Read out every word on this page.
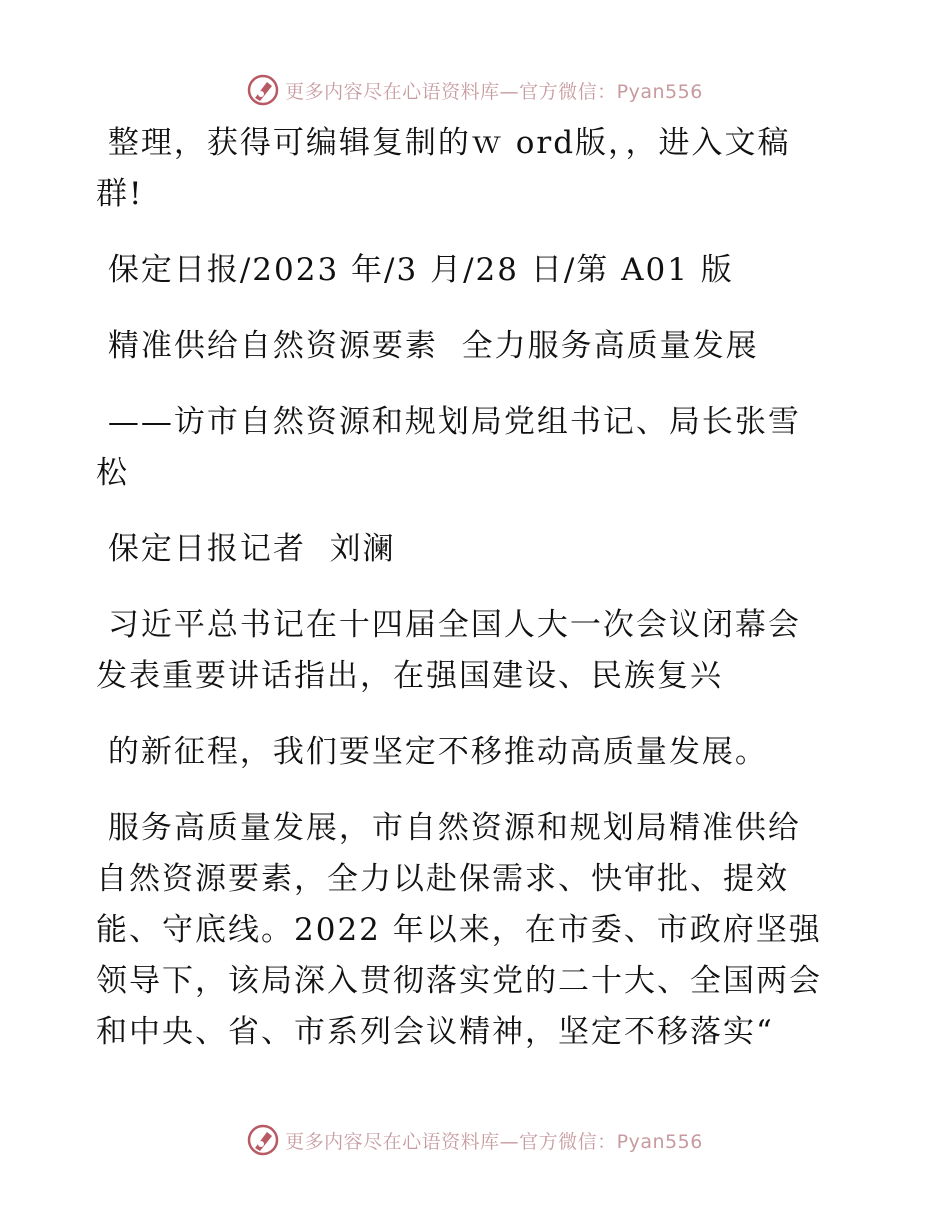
更多内容尽在心语资料库—官方微信：Pyan556

整理，获得可编辑复制的ｗ ord版，，进入文稿
群!

保定日报/2023 年/3 月/28 日/第 A01 版

精准供给自然资源要素  全力服务高质量发展

——访市自然资源和规划局党组书记、局长张雪
松

保定日报记者  刘澜

习近平总书记在十四届全国人大一次会议闭幕会
发表重要讲话指出，在强国建设、民族复兴

的新征程，我们要坚定不移推动高质量发展。

服务高质量发展，市自然资源和规划局精准供给
自然资源要素，全力以赴保需求、快审批、提效
能、守底线。2022 年以来，在市委、市政府坚强
领导下，该局深入贯彻落实党的二十大、全国两会
和中央、省、市系列会议精神，坚定不移落实“

更多内容尽在心语资料库—官方微信：Pyan556
